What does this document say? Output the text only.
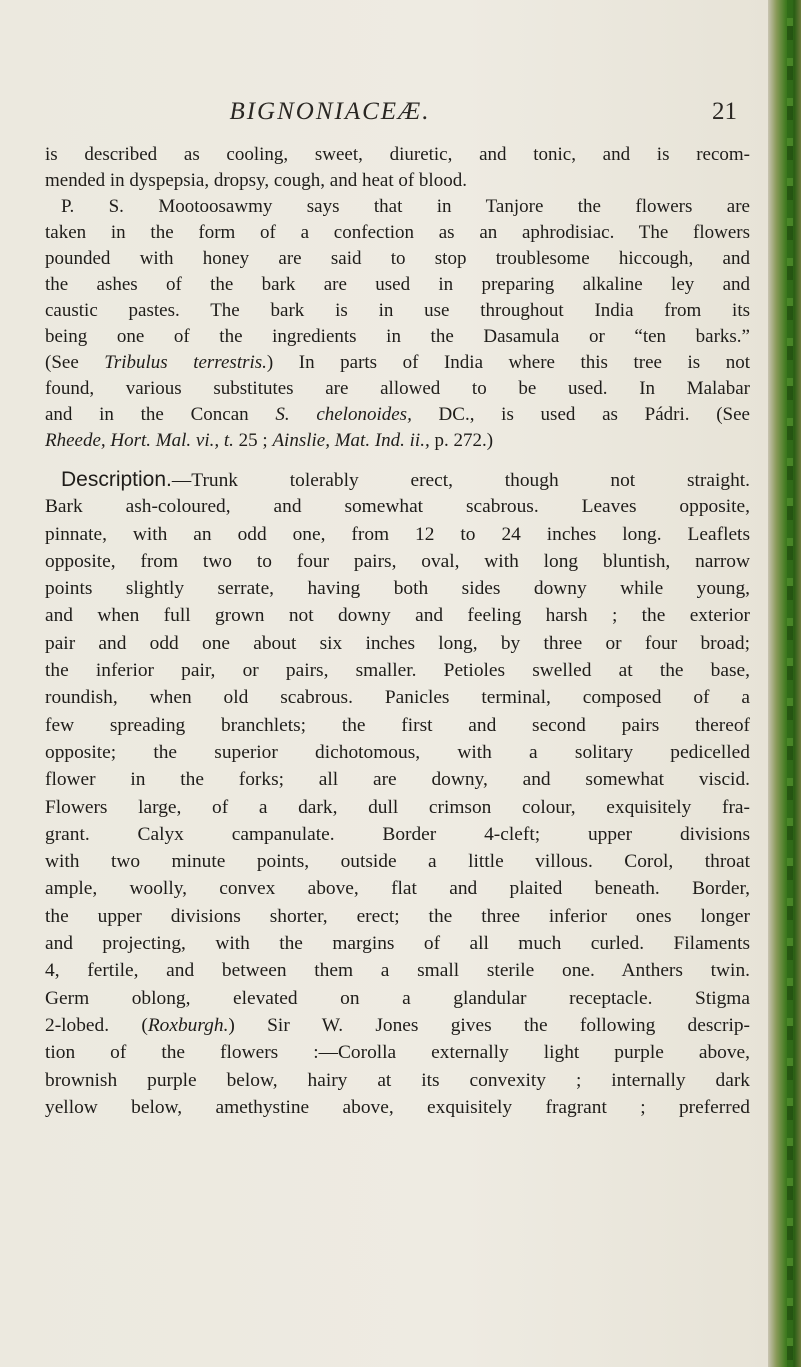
BIGNONIACEÆ.	21
is described as cooling, sweet, diuretic, and tonic, and is recom-
mended in dyspepsia, dropsy, cough, and heat of blood.
P. S. Mootoosawmy says that in Tanjore the flowers are
taken in the form of a confection as an aphrodisiac. The flowers
pounded with honey are said to stop troublesome hiccough, and
the ashes of the bark are used in preparing alkaline ley and
caustic pastes. The bark is in use throughout India from its
being one of the ingredients in the Dasamula or “ten barks.”
(See Tribulus terrestris.) In parts of India where this tree is not
found, various substitutes are allowed to be used. In Malabar
and in the Concan S. chelonoides, DC., is used as Pádri. (See
Rheede, Hort. Mal. vi., t. 25 ; Ainslie, Mat. Ind. ii., p. 272.)
Description.—Trunk tolerably erect, though not straight.
Bark ash-coloured, and somewhat scabrous. Leaves opposite,
pinnate, with an odd one, from 12 to 24 inches long. Leaflets
opposite, from two to four pairs, oval, with long bluntish, narrow
points slightly serrate, having both sides downy while young,
and when full grown not downy and feeling harsh ; the exterior
pair and odd one about six inches long, by three or four broad;
the inferior pair, or pairs, smaller. Petioles swelled at the base,
roundish, when old scabrous. Panicles terminal, composed of a
few spreading branchlets; the first and second pairs thereof
opposite; the superior dichotomous, with a solitary pedicelled
flower in the forks; all are downy, and somewhat viscid.
Flowers large, of a dark, dull crimson colour, exquisitely fra-
grant. Calyx campanulate. Border 4-cleft; upper divisions
with two minute points, outside a little villous. Corol, throat
ample, woolly, convex above, flat and plaited beneath. Border,
the upper divisions shorter, erect; the three inferior ones longer
and projecting, with the margins of all much curled. Filaments
4, fertile, and between them a small sterile one. Anthers twin.
Germ oblong, elevated on a glandular receptacle. Stigma
2-lobed. (Roxburgh.) Sir W. Jones gives the following descrip-
tion of the flowers :—Corolla externally light purple above,
brownish purple below, hairy at its convexity ; internally dark
yellow below, amethystine above, exquisitely fragrant ; preferred
